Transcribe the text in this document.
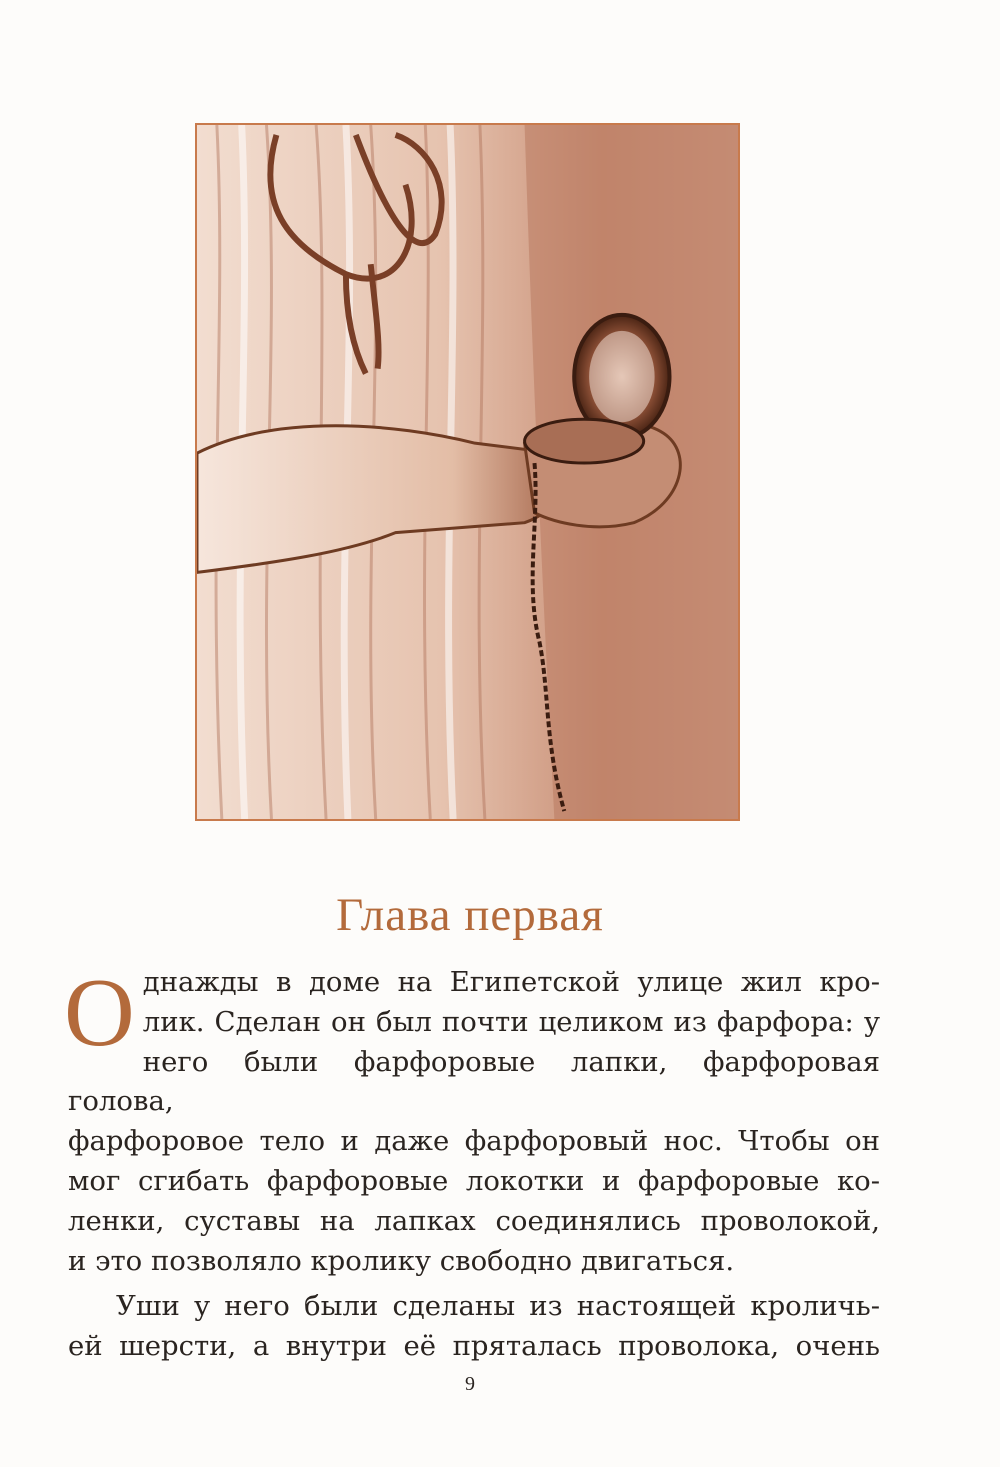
Глава первая

О днажды в доме на Египетской улице жил кро-
лик. Сделан он был почти целиком из фарфора: у
него были фарфоровые лапки, фарфоровая голова,
фарфоровое тело и даже фарфоровый нос. Чтобы он
мог сгибать фарфоровые локотки и фарфоровые ко-
ленки, суставы на лапках соединялись проволокой,
и это позволяло кролику свободно двигаться.

Уши у него были сделаны из настоящей кроличь-
ей шерсти, а внутри её пряталась проволока, очень

9
